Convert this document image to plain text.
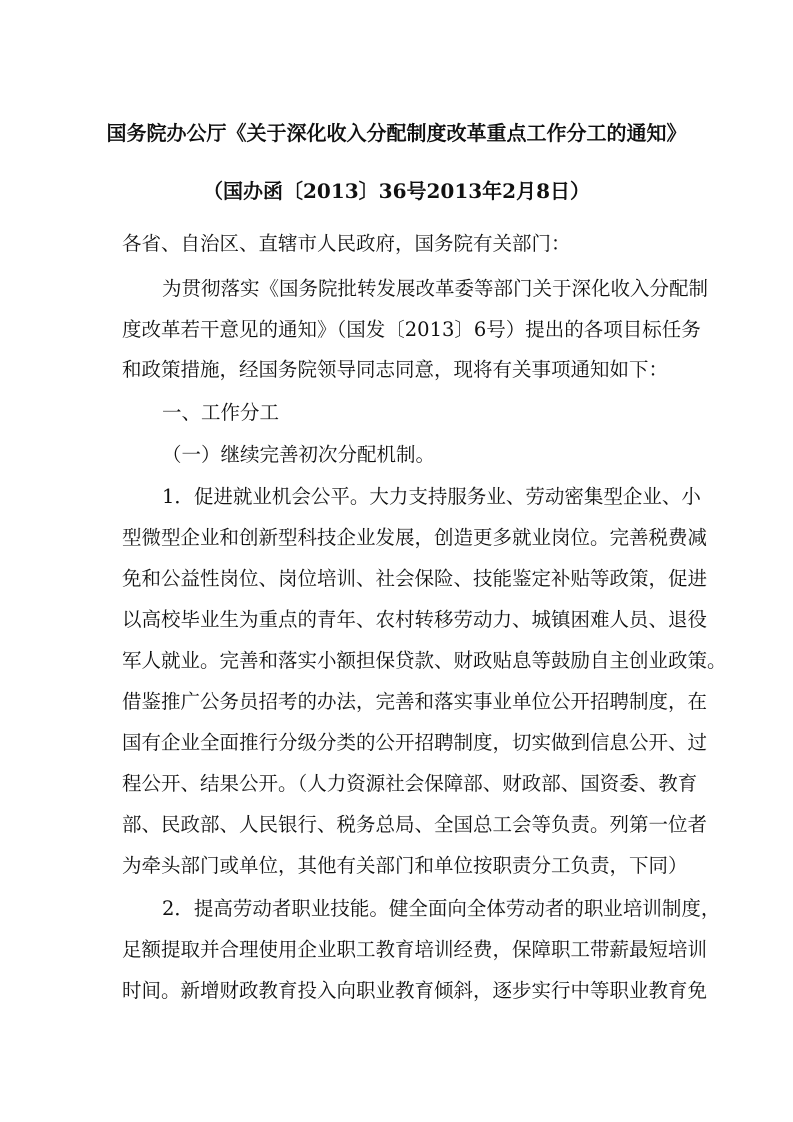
国务院办公厅《关于深化收入分配制度改革重点工作分工的通知》
（国办函〔2013〕36号2013年2月8日）
各省、自治区、直辖市人民政府，国务院有关部门：
为贯彻落实《国务院批转发展改革委等部门关于深化收入分配制
度改革若干意见的通知》（国发〔2013〕6号）提出的各项目标任务
和政策措施，经国务院领导同志同意，现将有关事项通知如下：
一、工作分工
（一）继续完善初次分配机制。
1．促进就业机会公平。大力支持服务业、劳动密集型企业、小
型微型企业和创新型科技企业发展，创造更多就业岗位。完善税费减
免和公益性岗位、岗位培训、社会保险、技能鉴定补贴等政策，促进
以高校毕业生为重点的青年、农村转移劳动力、城镇困难人员、退役
军人就业。完善和落实小额担保贷款、财政贴息等鼓励自主创业政策。
借鉴推广公务员招考的办法，完善和落实事业单位公开招聘制度，在
国有企业全面推行分级分类的公开招聘制度，切实做到信息公开、过
程公开、结果公开。（人力资源社会保障部、财政部、国资委、教育
部、民政部、人民银行、税务总局、全国总工会等负责。列第一位者
为牵头部门或单位，其他有关部门和单位按职责分工负责，下同）
2．提高劳动者职业技能。健全面向全体劳动者的职业培训制度，
足额提取并合理使用企业职工教育培训经费，保障职工带薪最短培训
时间。新增财政教育投入向职业教育倾斜，逐步实行中等职业教育免
